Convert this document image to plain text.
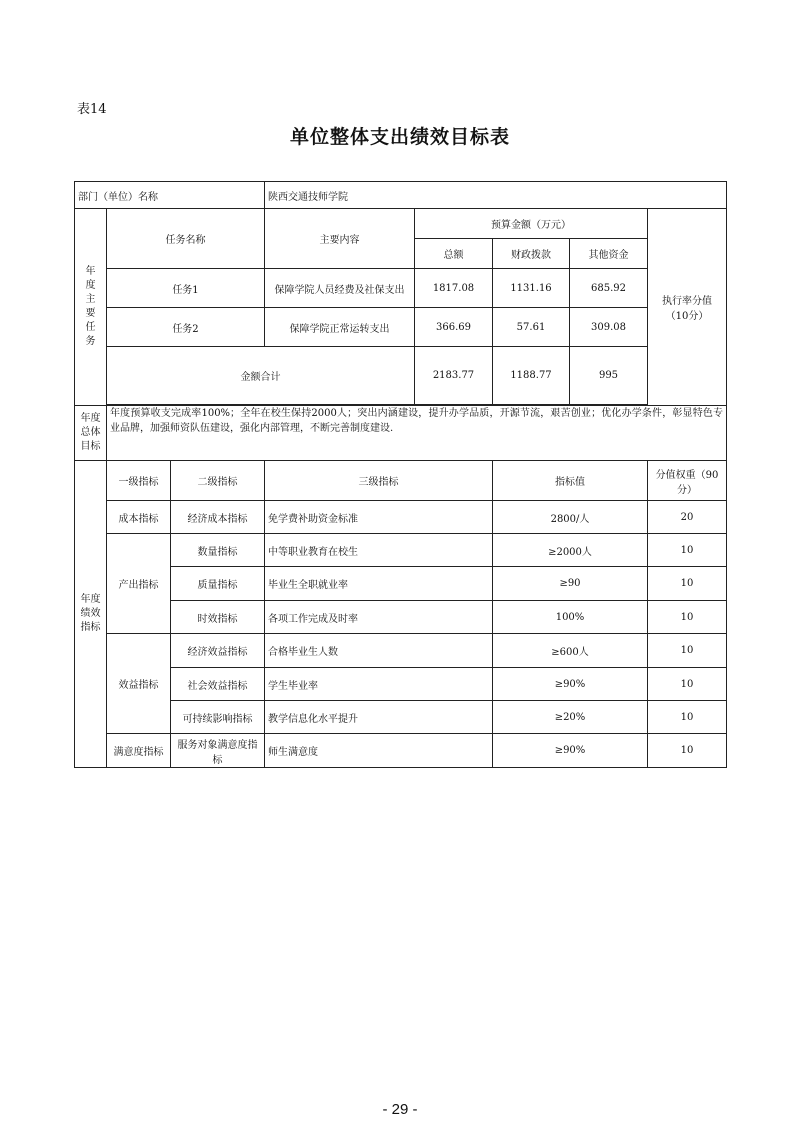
表14
单位整体支出绩效目标表
部门（单位）名称			陕西交通技师学院				

年度主要任务	任务名称		主要内容	预算金额（万元）			执行率分值（10分）
				总额	财政拨款	其他资金	
	任务1		保障学院人员经费及社保支出	1817.08	1131.16	685.92	
	任务2		保障学院正常运转支出	366.69	57.61	309.08	
	金额合计			2183.77	1188.77	995	

年度总体目标	年度预算收支完成率100%；全年在校生保持2000人；突出内涵建设，提升办学品质，开源节流，艰苦创业；优化办学条件，彰显特色专业品牌，加强师资队伍建设，强化内部管理，不断完善制度建设.						

年度绩效指标	一级指标	二级指标	三级指标		指标值		分值权重（90分）
	成本指标	经济成本指标	免学费补助资金标准		2800/人		20
	产出指标	数量指标	中等职业教育在校生		≥2000人		10
		质量指标	毕业生全职就业率		≥90		10
		时效指标	各项工作完成及时率		100%		10
	效益指标	经济效益指标	合格毕业生人数		≥600人		10
		社会效益指标	学生毕业率		≥90%		10
		可持续影响指标	教学信息化水平提升		≥20%		10
	满意度指标	服务对象满意度指标	师生满意度		≥90%		10
- 29 -
